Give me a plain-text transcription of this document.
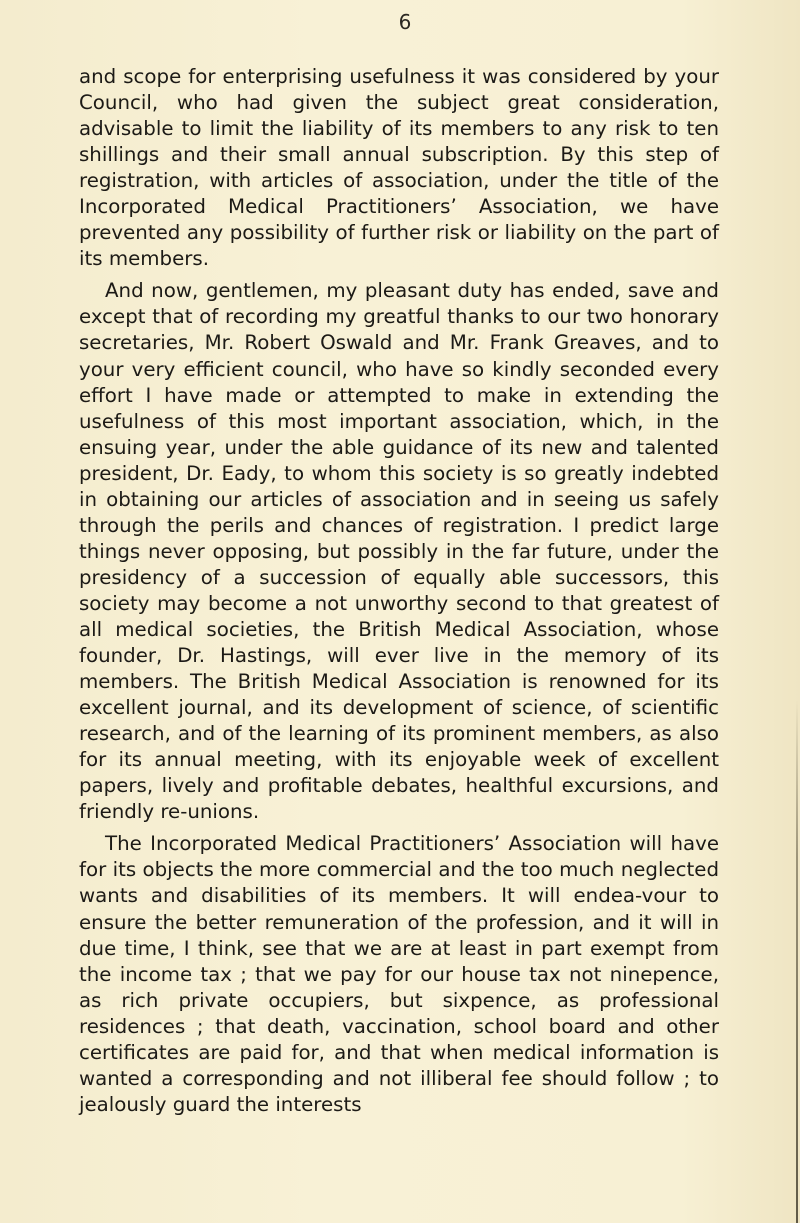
6

and scope for enterprising usefulness it was considered by your Council, who had given the subject great consideration, advisable to limit the liability of its members to any risk to ten shillings and their small annual subscription. By this step of registration, with articles of association, under the title of the Incorporated Medical Practitioners’ Association, we have prevented any possibility of further risk or liability on the part of its members.

And now, gentlemen, my pleasant duty has ended, save and except that of recording my greatful thanks to our two honorary secretaries, Mr. Robert Oswald and Mr. Frank Greaves, and to your very efficient council, who have so kindly seconded every effort I have made or attempted to make in extending the usefulness of this most important association, which, in the ensuing year, under the able guidance of its new and talented president, Dr. Eady, to whom this society is so greatly indebted in obtaining our articles of association and in seeing us safely through the perils and chances of registration. I predict large things never opposing, but possibly in the far future, under the presidency of a succession of equally able successors, this society may become a not unworthy second to that greatest of all medical societies, the British Medical Association, whose founder, Dr. Hastings, will ever live in the memory of its members. The British Medical Association is renowned for its excellent journal, and its development of science, of scientific research, and of the learning of its prominent members, as also for its annual meeting, with its enjoyable week of excellent papers, lively and profitable debates, healthful excursions, and friendly re-unions.

The Incorporated Medical Practitioners’ Association will have for its objects the more commercial and the too much neglected wants and disabilities of its members. It will endea-vour to ensure the better remuneration of the profession, and it will in due time, I think, see that we are at least in part exempt from the income tax ; that we pay for our house tax not ninepence, as rich private occupiers, but sixpence, as professional residences ; that death, vaccination, school board and other certificates are paid for, and that when medical information is wanted a corresponding and not illiberal fee should follow ; to jealously guard the interests
